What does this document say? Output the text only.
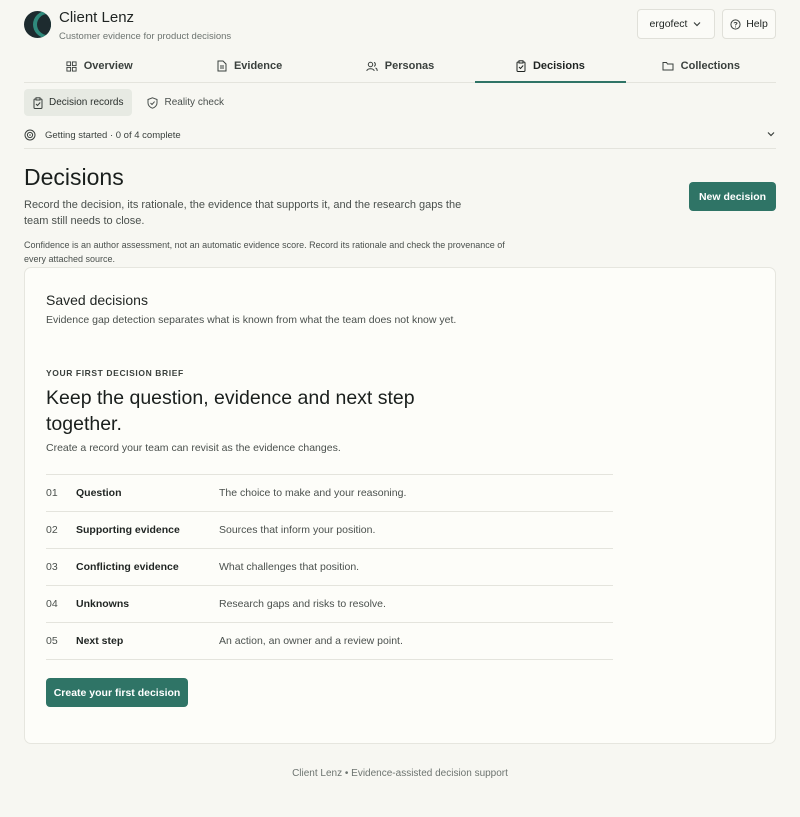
Client Lenz
Customer evidence for product decisions
ergofect	Help
Overview	Evidence	Personas	Decisions	Collections
Decision records	Reality check
Getting started · 0 of 4 complete
Decisions

Record the decision, its rationale, the evidence that supports it, and the research gaps the team still needs to close.

Confidence is an author assessment, not an automatic evidence score. Record its rationale and check the provenance of every attached source.

New decision
Saved decisions
Evidence gap detection separates what is known from what the team does not know yet.
YOUR FIRST DECISION BRIEF
Keep the question, evidence and next step together.
Create a record your team can revisit as the evidence changes.
01	Question	The choice to make and your reasoning.
02	Supporting evidence	Sources that inform your position.
03	Conflicting evidence	What challenges that position.
04	Unknowns	Research gaps and risks to resolve.
05	Next step	An action, an owner and a review point.
Create your first decision
Client Lenz • Evidence-assisted decision support
